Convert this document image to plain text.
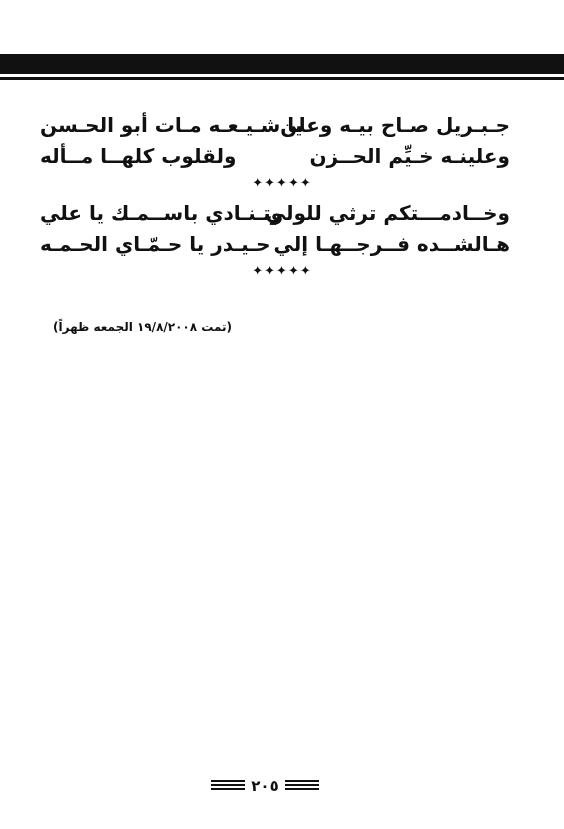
جـبـريل صـاح بيـه وعلن
يا شـيـعـه مـات أبو الحـسن
وعلينـه خـيِّم الحــزن
ولقلوب كلهــا مــأله
✦✦✦✦✦
وخــادمـــتكم ترثي للولي
وتـنـادي باســمـك يا علي
هـالشــده فــرجــهـا إلي
حـيـدر يا حـمّـاي الحـمـه
✦✦✦✦✦
(تمت ١٩/٨/٢٠٠٨ الجمعه ظهراً)
٢٠٥
